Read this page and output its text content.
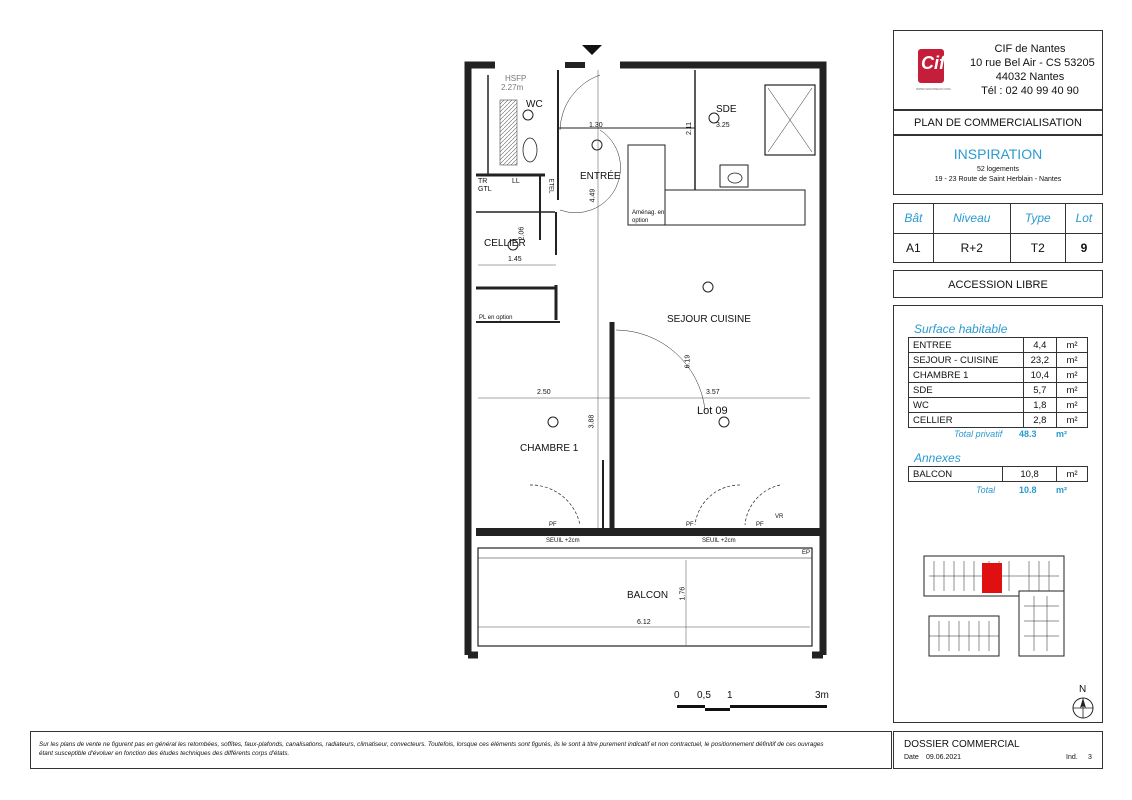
HSFP
2.27m
WC	SDE
1.30	2.11	3.25
ENTRÉE
4.49
TR
GTL
LL	ETEL
Aménag. en
option
2.06
CELLIER
1.45
PL en option	SEJOUR CUISINE
6.19
2.50	3.57
Lot 09
3.88
CHAMBRE 1
PF	PF	PF
VR
SEUIL +2cm	SEUIL +2cm
EP
BALCON 1.76
6.12
0 0,5 1	3m
Cif
WWW.GROUPECIF.COM
CIF de Nantes
10 rue Bel Air - CS 53205
44032 Nantes
Tél : 02 40 99 40 90
PLAN DE COMMERCIALISATION
INSPIRATION
52 logements
19 - 23 Route de Saint Herblain - Nantes
Bât	Niveau	Type	Lot
A1	R+2	T2	9
ACCESSION LIBRE
Surface habitable
ENTREE	4,4	m²
SEJOUR - CUISINE	23,2	m²
CHAMBRE 1	10,4	m²
SDE	5,7	m²
WC	1,8	m²
CELLIER	2,8	m²
Total privatif 48.3 m²
Annexes
BALCON	10,8	m²
Total	10.8 m²
N
Sur les plans de vente ne figurent pas en général les retombées, soffites, faux-plafonds, canalisations, radiateurs, climatiseur, convecteurs. Toutefois, lorsque ces éléments sont figurés, ils le sont à titre purement indicatif et non contractuel, le positionnement définitif de ces ouvrages
étant susceptible d'évoluer en fonction des études techniques des différents corps d'états.
DOSSIER COMMERCIAL
Date 09.06.2021	Ind. 3
